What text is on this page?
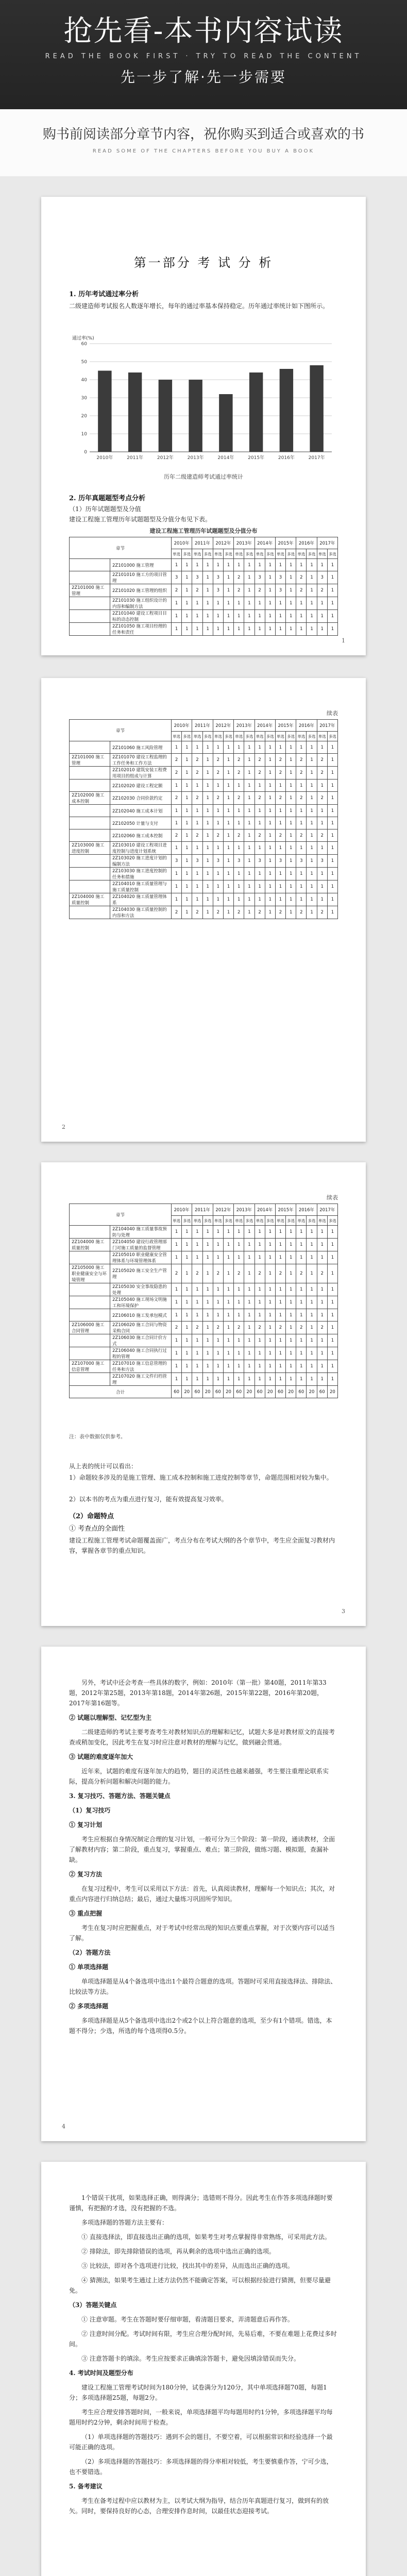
抢先看-本书内容试读
READ THE BOOK FIRST · TRY TO READ THE CONTENT
先一步了解·先一步需要
购书前阅读部分章节内容，祝你购买到适合或喜欢的书
READ SOME OF THE CHAPTERS BEFORE YOU BUY A BOOK
第一部分 考 试 分 析
1. 历年考试通过率分析

二级建造师考试报名人数逐年增长，每年的通过率基本保持稳定。历年通过率统计如下图所示。

2010年	2011年	2012年	2013年	2014年	2015年	2016年	2017年
0
10
20
30
40
50
60
通过率(%)
历年二级建造师考试通过率统计
2. 历年真题题型考点分析

（1）历年试题题型及分值

建设工程施工管理历年试题题型及分值分布见下表。

建设工程施工管理历年试题题型及分值分布
章节		2010年		2011年		2012年		2013年		2014年		2015年		2016年		2017年	
		单选	多选	单选	多选	单选	多选	单选	多选	单选	多选	单选	多选	单选	多选	单选	多选
	2Z101000 施工管理	1	1	1	1	1	1	1	1	1	1	1	1	1	1	1	1
	2Z101010 施工方的项目管理	3	1	3	1	3	1	2	1	3	1	3	1	2	1	3	1
2Z101000 施工管理	2Z101020 施工管理的组织	2	1	2	1	3	1	2	1	2	1	3	1	2	1	2	1
	2Z101030 施工组织设计的内容和编制方法	1	1	1	1	1	1	1	1	1	1	1	1	1	1	1	1
	2Z101040 建设工程项目目标的动态控制	1	1	1	1	1	1	1	1	1	1	1	1	1	1	1	1
	2Z101050 施工项目经理的任务和责任	1	1	1	1	1	1	1	1	1	1	1	1	1	1	1	1
1
续表
章节		2010年		2011年		2012年		2013年		2014年		2015年		2016年		2017年	
		单选	多选	单选	多选	单选	多选	单选	多选	单选	多选	单选	多选	单选	多选	单选	多选
	2Z101060 施工风险管理	1	1	1	1	1	1	1	1	1	1	1	1	1	1	1	1
2Z101000 施工管理	2Z101070 建设工程监理的工作任务和工作方法	2	1	2	1	2	1	2	1	2	1	2	1	2	1	2	1
	2Z102010 建筑安装工程费用项目的组成与计算	2	1	2	1	2	1	2	1	2	1	2	1	2	1	2	1
	2Z102020 建设工程定额	1	1	1	1	1	1	1	1	1	1	1	1	1	1	1	1
2Z102000 施工成本控制	2Z102030 合同价款约定	2	1	2	1	2	1	2	1	2	1	2	1	2	1	2	1
	2Z102040 施工成本计划	1	1	1	1	1	1	1	1	1	1	1	1	1	1	1	1
	2Z102050 计量与支付	1	1	1	1	1	1	1	1	1	1	1	1	1	1	1	1
	2Z102060 施工成本控制	2	1	2	1	2	1	2	1	2	1	2	1	2	1	2	1
2Z103000 施工进度控制	2Z103010 建设工程项目进度控制与进度计划系统	1	1	1	1	1	1	1	1	1	1	1	1	1	1	1	1
	2Z103020 施工进度计划的编制方法	3	1	3	1	3	1	3	1	3	1	3	1	3	1	3	1
	2Z103030 施工进度控制的任务和措施	1	1	1	1	1	1	1	1	1	1	1	1	1	1	1	1
	2Z104010 施工质量管理与施工质量控制	1	1	1	1	1	1	1	1	1	1	1	1	1	1	1	1
2Z104000 施工质量控制	2Z104020 施工质量管理体系	1	1	1	1	1	1	1	1	1	1	1	1	1	1	1	1
	2Z104030 施工质量控制的内容和方法	2	1	2	1	2	1	2	1	2	1	2	1	2	1	2	1
2
续表
章节		2010年		2011年		2012年		2013年		2014年		2015年		2016年		2017年	
		单选	多选	单选	多选	单选	多选	单选	多选	单选	多选	单选	多选	单选	多选	单选	多选
	2Z104040 施工质量事故预防与处理	1	1	1	1	1	1	1	1	1	1	1	1	1	1	1	1
2Z104000 施工质量控制	2Z104050 建设行政管理部门对施工质量的监督管理	1	1	1	1	1	1	1	1	1	1	1	1	1	1	1	1
	2Z105010 职业健康安全管理体系与环境管理体系	1	1	1	1	1	1	1	1	1	1	1	1	1	1	1	1
2Z105000 施工职业健康安全与环境管理	2Z105020 施工安全生产管理	2	1	2	1	2	1	2	1	2	1	2	1	2	1	2	1
	2Z105030 安全事故隐患的处理	1	1	1	1	1	1	1	1	1	1	1	1	1	1	1	1
	2Z105040 施工现场文明施工和环境保护	1	1	1	1	1	1	1	1	1	1	1	1	1	1	1	1
	2Z106010 施工发承包模式	1	1	1	1	1	1	1	1	1	1	1	1	1	1	1	1
2Z106000 施工合同管理	2Z106020 施工合同与物资采购合同	2	1	2	1	2	1	2	1	2	1	2	1	2	1	2	1
	2Z106030 施工合同计价方式	1	1	1	1	1	1	1	1	1	1	1	1	1	1	1	1
	2Z106040 施工合同执行过程的管理	1	1	1	1	1	1	1	1	1	1	1	1	1	1	1	1
2Z107000 施工信息管理	2Z107010 施工信息管理的任务和方法	1	1	1	1	1	1	1	1	1	1	1	1	1	1	1	1
	2Z107020 施工文件归档管理	1	1	1	1	1	1	1	1	1	1	1	1	1	1	1	1
合计		60	20	60	20	60	20	60	20	60	20	60	20	60	20	60	20
注：表中数据仅供参考。

从上表的统计可以看出：

1）命题较多涉及的是施工管理、施工成本控制和施工进度控制等章节，命题范围相对较为集中。

2）以本书的考点为重点进行复习，能有效提高复习效率。

（2）命题特点
① 考查点的全面性

建设工程施工管理考试命题覆盖面广，考点分布在考试大纲的各个章节中，考生应全面复习教材内容，掌握各章节的重点知识。

3

另外，考试中还会考查一些具体的数字，例如：2010年（第一批）第40题，2011年第33题，2012年第25题，2013年第18题，2014年第26题，2015年第22题，2016年第20题，2017年第16题等。

② 试题以理解型、记忆型为主

二级建造师的考试主要考查考生对教材知识点的理解和记忆，试题大多是对教材原文的直接考查或稍加变化，因此考生在复习时应注意对教材的理解与记忆，做到融会贯通。

③ 试题的难度逐年加大

近年来，试题的难度有逐年加大的趋势，题目的灵活性也越来越强，考生要注重理论联系实际，提高分析问题和解决问题的能力。

3. 复习技巧、答题方法、答题关键点

（1）复习技巧

① 复习计划

考生应根据自身情况制定合理的复习计划，一般可分为三个阶段：第一阶段，通读教材，全面了解教材内容；第二阶段，重点复习，掌握重点、难点；第三阶段，做练习题、模拟题，查漏补缺。

② 复习方法

在复习过程中，考生可以采用以下方法：首先，认真阅读教材，理解每一个知识点；其次，对重点内容进行归纳总结；最后，通过大量练习巩固所学知识。

③ 重点把握

考生在复习时应把握重点，对于考试中经常出现的知识点要重点掌握，对于次要内容可以适当了解。

（2）答题方法

① 单项选择题

单项选择题是从4个备选项中选出1个最符合题意的选项。答题时可采用直接选择法、排除法、比较法等方法。

② 多项选择题

多项选择题是从5个备选项中选出2个或2个以上符合题意的选项，至少有1个错项。错选，本题不得分；少选，所选的每个选项得0.5分。

4

1个错误干扰项，如果选择正确，则得满分；选错则不得分。因此考生在作答多项选择题时要谨慎，有把握的才选，没有把握的不选。

多项选择题的答题方法主要有：

① 直接选择法，即直接选出正确的选项，如果考生对考点掌握得非常熟练，可采用此方法。

② 排除法，即先排除错误的选项，再从剩余的选项中选出正确的选项。

③ 比较法，即对各个选项进行比较，找出其中的差异，从而选出正确的选项。

④ 猜测法，如果考生通过上述方法仍然不能确定答案，可以根据经验进行猜测，但要尽量避免。

（3）答题关键点

① 注意审题。考生在答题时要仔细审题，看清题目要求，弄清题意后再作答。

② 注意时间分配。考试时间有限，考生应合理分配时间，先易后难，不要在难题上花费过多时间。

③ 注意答题卡的填涂。考生应按要求正确填涂答题卡，避免因填涂错误而失分。

4. 考试时间及题型分布

建设工程施工管理考试时间为180分钟，试卷满分为120分，其中单项选择题70题，每题1分；多项选择题25题，每题2分。

考生应合理安排答题时间，一般来说，单项选择题平均每题用时约1分钟，多项选择题平均每题用时约2分钟，剩余时间用于检查。

（1）单项选择题的答题技巧：遇到不会的题目，不要空着，可以根据常识和经验选择一个最可能正确的选项。

（2）多项选择题的答题技巧：多项选择题的得分率相对较低，考生要慎重作答，宁可少选，也不要错选。

5. 备考建议

考生在备考过程中应以教材为主，以考试大纲为指导，结合历年真题进行复习，做到有的放矢。同时，要保持良好的心态，合理安排作息时间，以最佳状态迎接考试。
